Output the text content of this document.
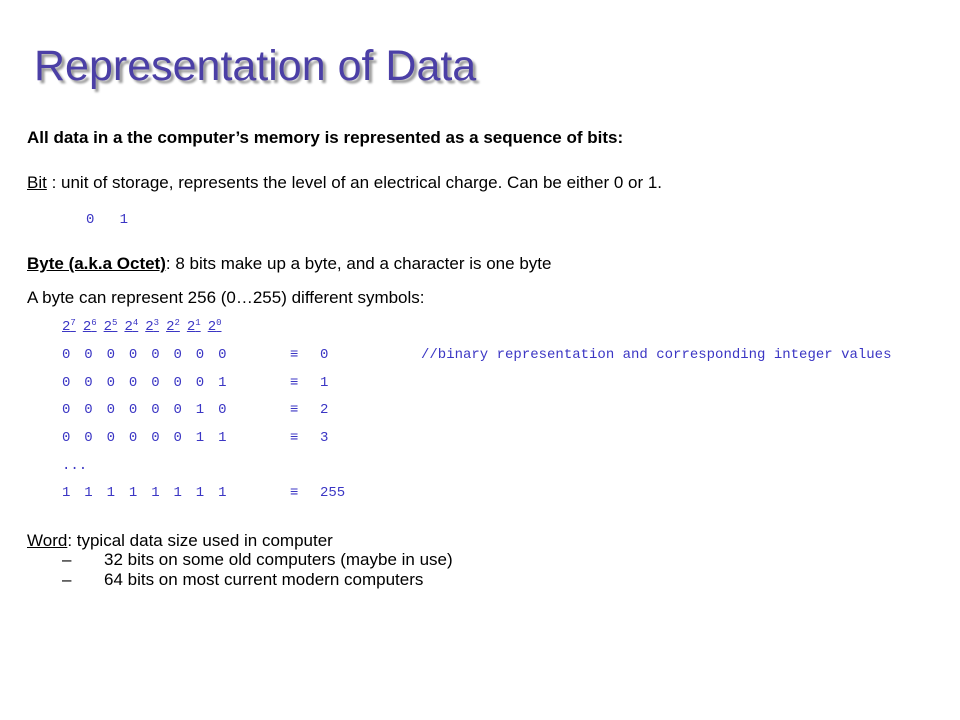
Representation of Data
All data in a the computer’s memory is represented as a sequence of bits:
Bit : unit of storage, represents the level of an electrical charge. Can be either 0 or 1.
0   1
Byte (a.k.a Octet): 8 bits make up a byte, and a character is one byte
A byte can represent 256 (0…255) different symbols:
$2^7$ $2^6$ $2^5$ $2^4$ $2^3$ $2^2$ $2^1$ $2^0$
0 0 0 0 0 0 0 0	≡	0	//binary representation and corresponding integer values
0 0 0 0 0 0 0 1	≡	1
0 0 0 0 0 0 1 0	≡	2
0 0 0 0 0 0 1 1	≡	3
...
1 1 1 1 1 1 1 1	≡	255
Word: typical data size used in computer
– 32 bits on some old computers (maybe in use)
– 64 bits on most current modern computers
